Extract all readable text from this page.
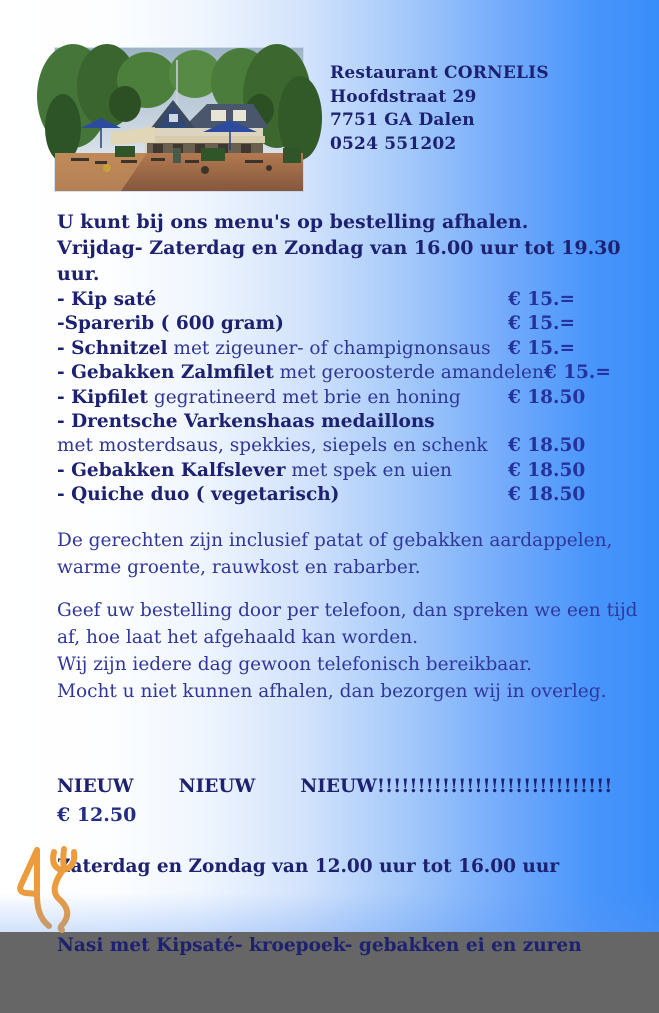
Restaurant CORNELIS
Hoofdstraat 29
7751 GA Dalen
0524 551202
U kunt bij ons menu's op bestelling afhalen.
Vrijdag- Zaterdag en Zondag van 16.00 uur tot 19.30 uur.
- Kip saté	€ 15.=
-Sparerib ( 600 gram)	€ 15.=
- Schnitzel met zigeuner- of champignonsaus € 15.=
- Gebakken Zalmfilet met geroosterde amandelen € 15.=
- Kipfilet gegratineerd met brie en honing	€ 18.50
- Drentsche Varkenshaas medaillons
met mosterdsaus, spekkies, siepels en schenk	€ 18.50
- Gebakken Kalfslever met spek en uien	€ 18.50
- Quiche duo ( vegetarisch)	€ 18.50
De gerechten zijn inclusief patat of gebakken aardappelen,
warme groente, rauwkost en rabarber.
Geef uw bestelling door per telefoon, dan spreken we een tijd
af, hoe laat het afgehaald kan worden.
Wij zijn iedere dag gewoon telefonisch bereikbaar.
Mocht u niet kunnen afhalen, dan bezorgen wij in overleg.

NIEUW       NIEUW       NIEUW!!!!!!!!!!!!!!!!!!!!!!!!!!!!!

Zaterdag en Zondag van 12.00 uur tot 16.00 uur

Nasi met Kipsaté- kroepoek- gebakken ei en zuren

€ 12.50
